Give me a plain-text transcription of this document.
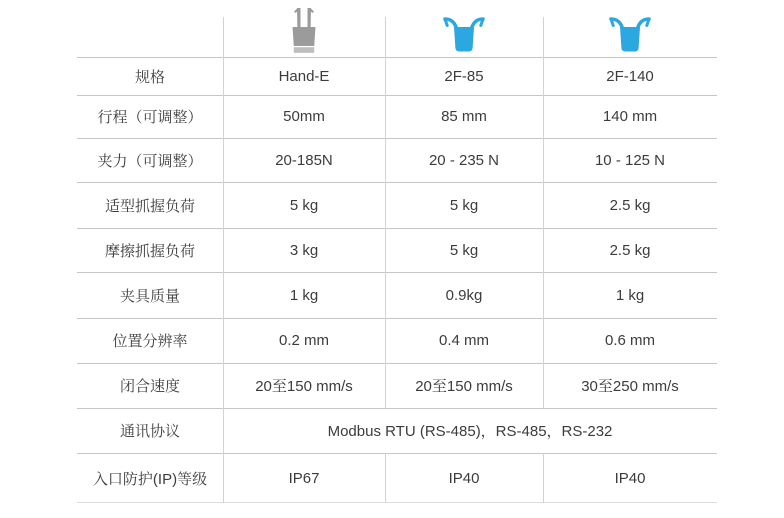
规格	Hand-E	2F-85	2F-140
行程（可调整）	50mm	85 mm	140 mm
夹力（可调整）	20-185N	20 - 235 N	10 - 125 N
适型抓握负荷	5 kg	5 kg	2.5 kg
摩擦抓握负荷	3 kg	5 kg	2.5 kg
夹具质量	1 kg	0.9kg	1 kg
位置分辨率	0.2 mm	0.4 mm	0.6 mm
闭合速度	20至150 mm/s	20至150 mm/s	30至250 mm/s
通讯协议	Modbus RTU (RS-485)，RS-485，RS-232
入口防护(IP)等级	IP67	IP40	IP40
